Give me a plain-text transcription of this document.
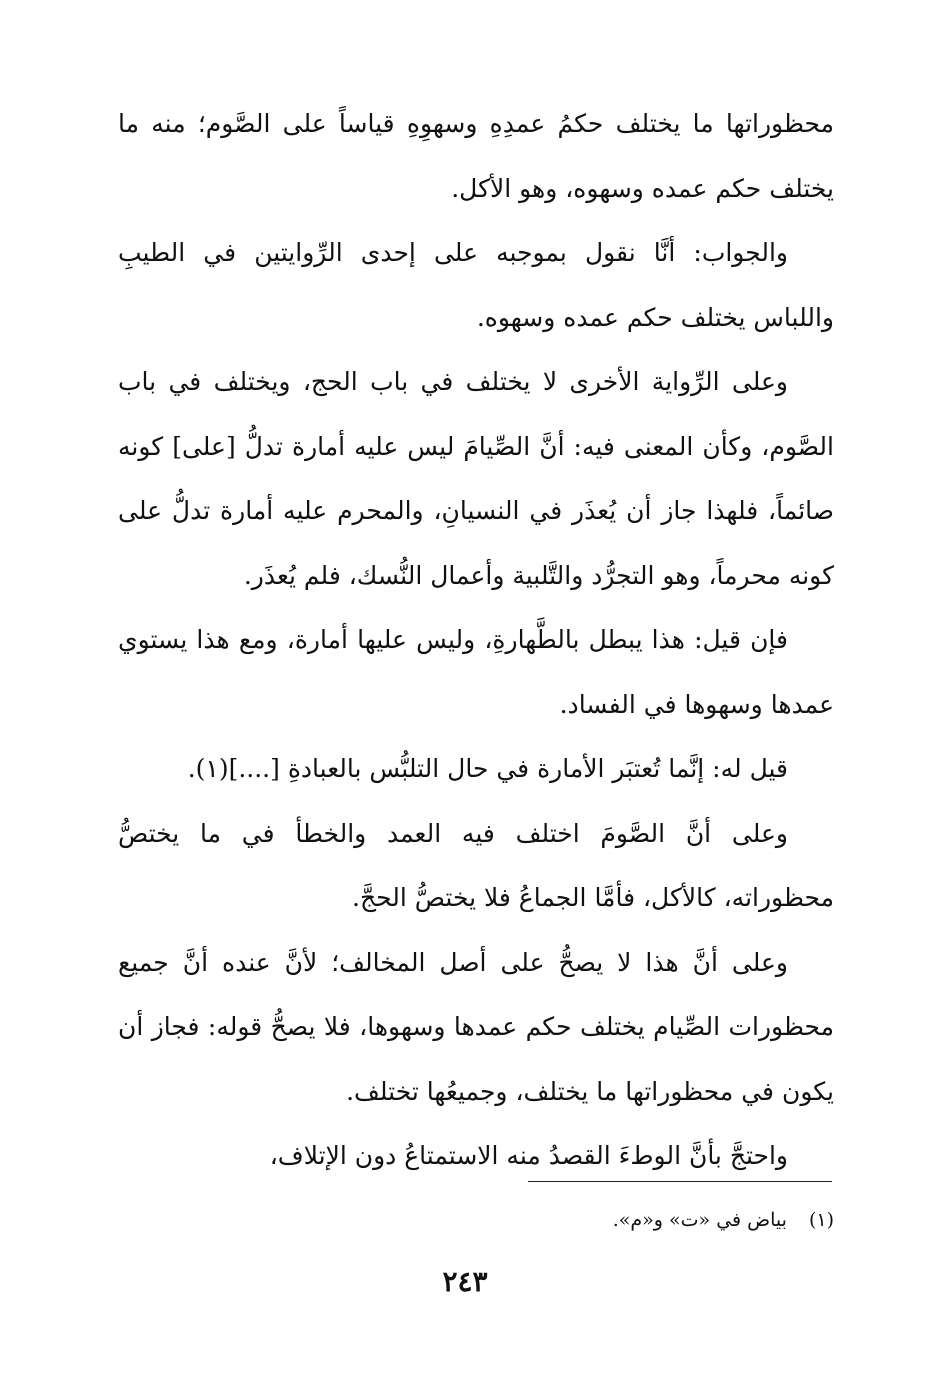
محظوراتها ما يختلف حكمُ عمدِهِ وسهوِهِ قياساً على الصَّوم؛ منه ما يختلف حكم عمده وسهوه، وهو الأكل.

والجواب: أنَّا نقول بموجبه على إحدى الرِّوايتين في الطيبِ واللباس يختلف حكم عمده وسهوه.

وعلى الرِّواية الأخرى لا يختلف في باب الحج، ويختلف في باب الصَّوم، وكأن المعنى فيه: أنَّ الصِّيامَ ليس عليه أمارة تدلُّ [على] كونه صائماً، فلهذا جاز أن يُعذَر في النسيانِ، والمحرم عليه أمارة تدلُّ على كونه محرماً، وهو التجرُّد والتَّلبية وأعمال النُّسك، فلم يُعذَر.

فإن قيل: هذا يبطل بالطَّهارةِ، وليس عليها أمارة، ومع هذا يستوي عمدها وسهوها في الفساد.

قيل له: إنَّما تُعتبَر الأمارة في حال التلبُّس بالعبادةِ [....](١).

وعلى أنَّ الصَّومَ اختلف فيه العمد والخطأ في ما يختصُّ محظوراته، كالأكل، فأمَّا الجماعُ فلا يختصُّ الحجَّ.

وعلى أنَّ هذا لا يصحُّ على أصل المخالف؛ لأنَّ عنده أنَّ جميع محظورات الصِّيام يختلف حكم عمدها وسهوها، فلا يصحُّ قوله: فجاز أن يكون في محظوراتها ما يختلف، وجميعُها تختلف.

واحتجَّ بأنَّ الوطءَ القصدُ منه الاستمتاعُ دون الإتلاف،

(١)بياض في «ت» و«م».
٢٤٣
